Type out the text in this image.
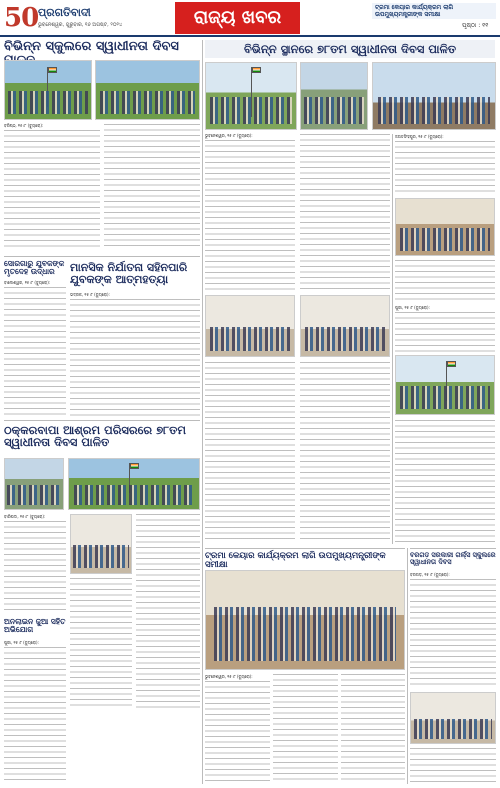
50 ପ୍ରଗତିବାଦୀ
ଭୁବନେଶ୍ୱର, ଗୁରୁବାର, ୧୬ ଅଗଷ୍ଟ, ୨୦୨୪	ରାଜ୍ୟ ଖବର	ଟ୍ରମା କେୟାର କାର୍ଯ୍ୟକ୍ରମ ଲାଗି ଉପମୁଖ୍ୟମନ୍ତ୍ରୀଙ୍କ ସମୀକ୍ଷା
ପୃଷ୍ଠା : ୧୧
ବିଭିନ୍ନ ସ୍କୁଲରେ ସ୍ୱାଧୀନତା ଦିବସ
ବରିଷ୍ଠ, ୧୫।୮ (ବ୍ୟୁରୋ):
ବିଭିନ୍ନ ସ୍ଥାନରେ ୭୮ତମ ସ୍ୱାଧୀନତା ଦିବସ ପାଳିତ
ଭୁବନେଶ୍ୱର, ୧୫।୮ (ବ୍ୟୁରୋ):	ଜଗତସିଂହପୁର, ୧୫।୮ (ବ୍ୟୁରୋ):
ପୁରୀ, ୧୫।୮ (ବ୍ୟୁରୋ):
ସୋରଗାରୁ ଯୁବକଙ୍କ ମୃତଦେହ ଉଦ୍ଧାର
ବାଲେଶ୍ୱର, ୧୫।୮ (ବ୍ୟୁରୋ):
ମାନସିକ ନିର୍ଯାତନା ସହିନପାରି ଯୁବକଙ୍କ ଆତ୍ମହତ୍ୟା
ଭଦ୍ରକ, ୧୫।୮ (ବ୍ୟୁରୋ):
ଠକ୍କରବାପା ଆଶ୍ରମ ପରିସରରେ ୭୮ତମ ସ୍ୱାଧୀନତା ଦିବସ ପାଳିତ
ବାରିପଦା, ୧୫।୮ (ବ୍ୟୁରୋ):
ଅନଲାଇନ ଜୁଆ ସହିତ ଅଭିଯୋଗ
ପୁରୀ, ୧୫।୮ (ବ୍ୟୁରୋ):
ଟ୍ରମା କେୟାର କାର୍ଯ୍ୟକ୍ରମ ଲାଗି ଉପମୁଖ୍ୟମନ୍ତ୍ରୀଙ୍କ ସମୀକ୍ଷା
ଭୁବନେଶ୍ୱର, ୧୫।୮ (ବ୍ୟୁରୋ):
ବରଗଡ଼ ସରକାରୀ ଗର୍ଲ୍ସ ସ୍କୁଲରେ ସ୍ୱାଧୀନତା ଦିବସ
ବରଗଡ଼, ୧୫।୮ (ବ୍ୟୁରୋ):
